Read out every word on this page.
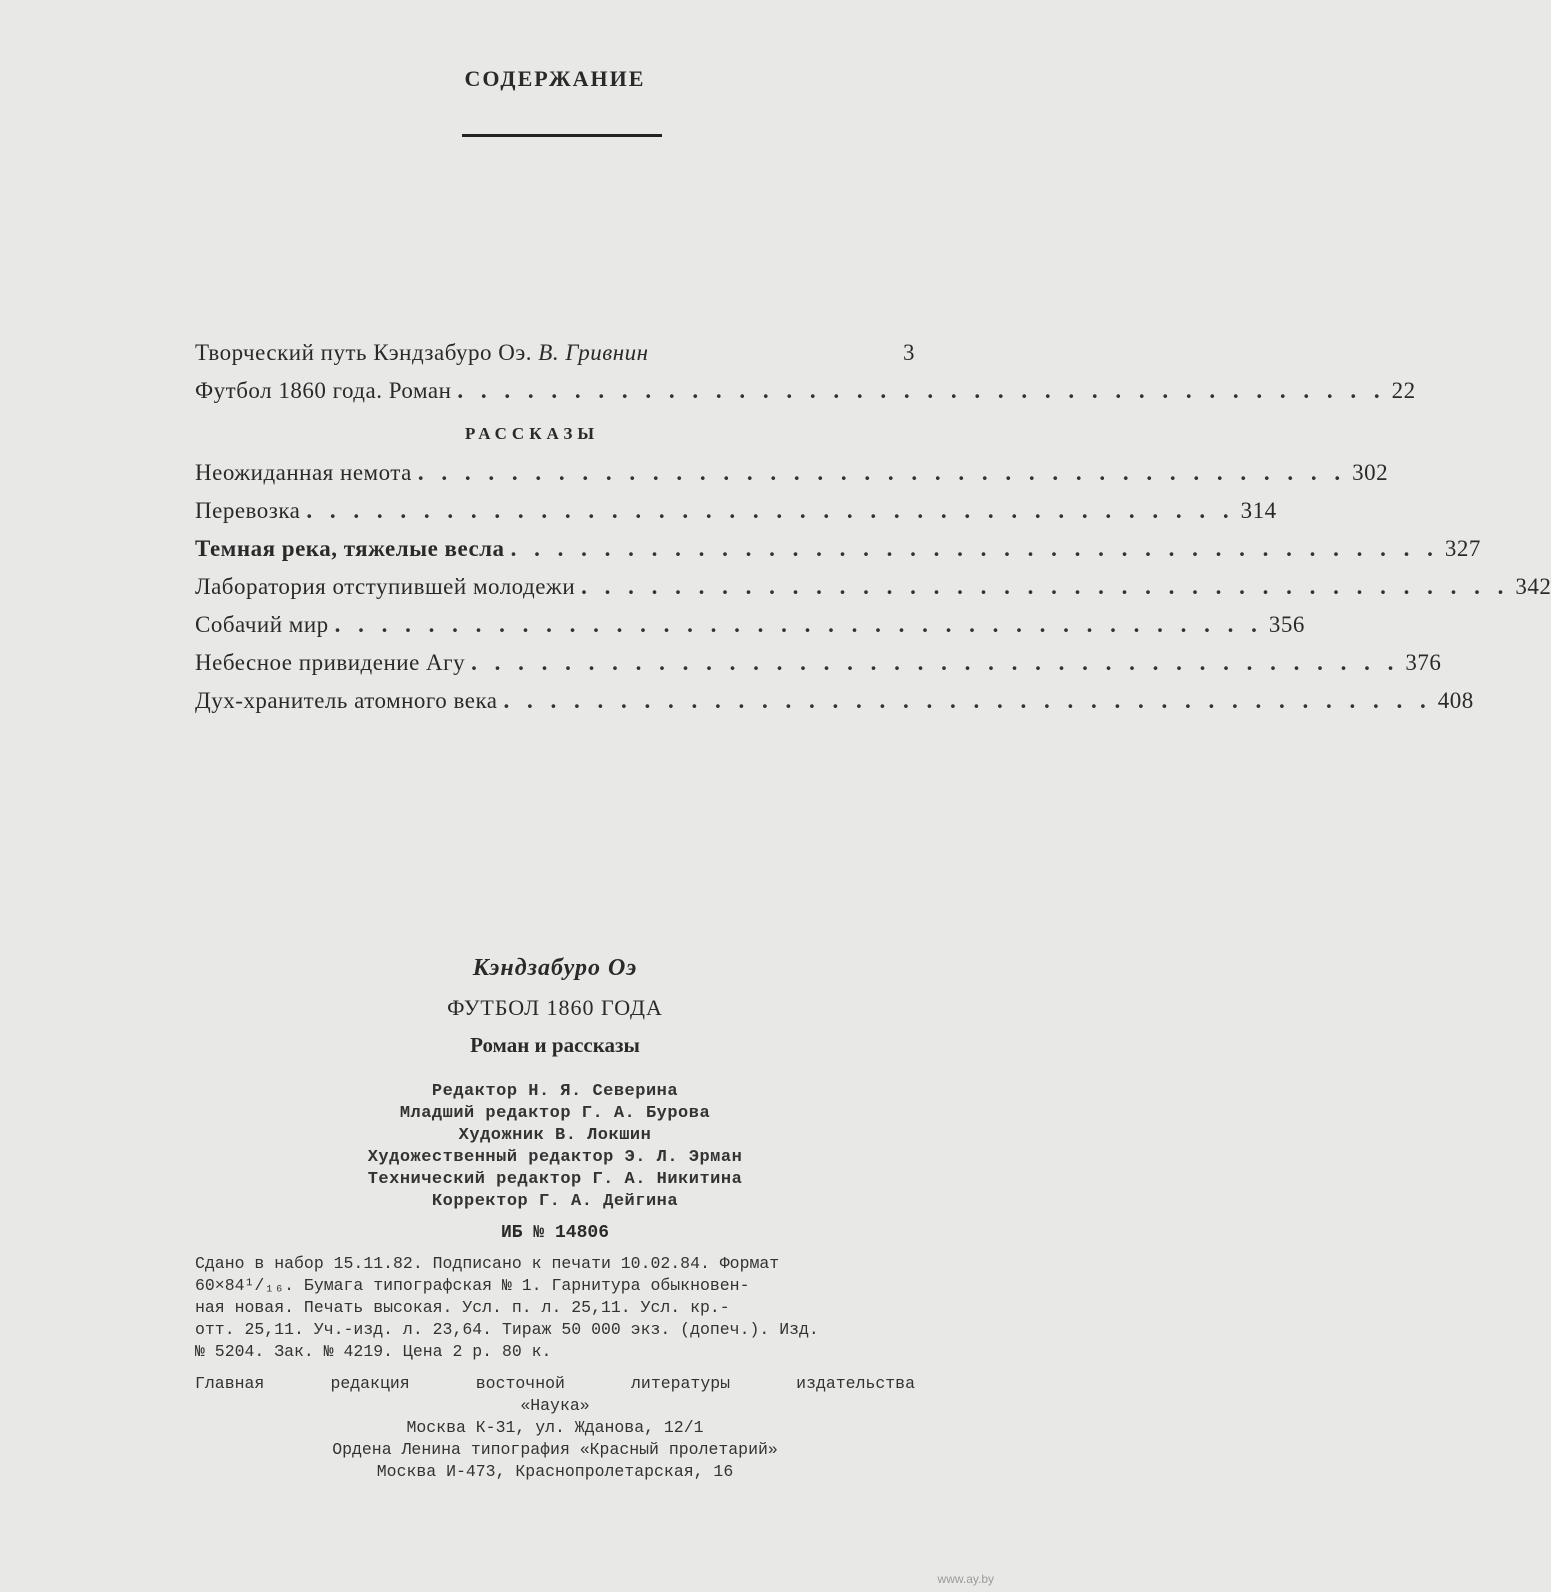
СОДЕРЖАНИЕ
Творческий путь Кэндзабуро Оэ. В. Гривнин	3
Футбол 1860 года. Роман . . . . . . . . . . . . . . . . . . . . . . . . . . . . . . . . . . . . . . . . 22
РАССКАЗЫ
Неожиданная немота . . . . . . . . . . . . . . . . . . . . . . . . . . . . . . . . . . . . . . . . 302
Перевозка . . . . . . . . . . . . . . . . . . . . . . . . . . . . . . . . . . . . . . . . 314
Темная река, тяжелые весла . . . . . . . . . . . . . . . . . . . . . . . . . . . . . . . . . . . . . . . . 327
Лаборатория отступившей молодежи . . . . . . . . . . . . . . . . . . . . . . . . . . . . . . . . . . . . . . . . 342
Собачий мир . . . . . . . . . . . . . . . . . . . . . . . . . . . . . . . . . . . . . . . . 356
Небесное привидение Агу . . . . . . . . . . . . . . . . . . . . . . . . . . . . . . . . . . . . . . . . 376
Дух-хранитель атомного века . . . . . . . . . . . . . . . . . . . . . . . . . . . . . . . . . . . . . . . . 408
Кэндзабуро Оэ
ФУТБОЛ 1860 ГОДА
Роман и рассказы
Редактор Н. Я. Северина
Младший редактор Г. А. Бурова
Художник В. Локшин
Художественный редактор Э. Л. Эрман
Технический редактор Г. А. Никитина
Корректор Г. А. Дейгина
ИБ № 14806
Сдано в набор 15.11.82. Подписано к печати 10.02.84. Формат
60×84¹/₁₆. Бумага типографская № 1. Гарнитура обыкновен-
ная новая. Печать высокая. Усл. п. л. 25,11. Усл. кр.-
отт. 25,11. Уч.-изд. л. 23,64. Тираж 50 000 экз. (допеч.). Изд.
№ 5204. Зак. № 4219. Цена 2 р. 80 к.
Главная редакция восточной литературы издательства
«Наука»
Москва К-31, ул. Жданова, 12/1
Ордена Ленина типография «Красный пролетарий»
Москва И-473, Краснопролетарская, 16
www.ay.by
